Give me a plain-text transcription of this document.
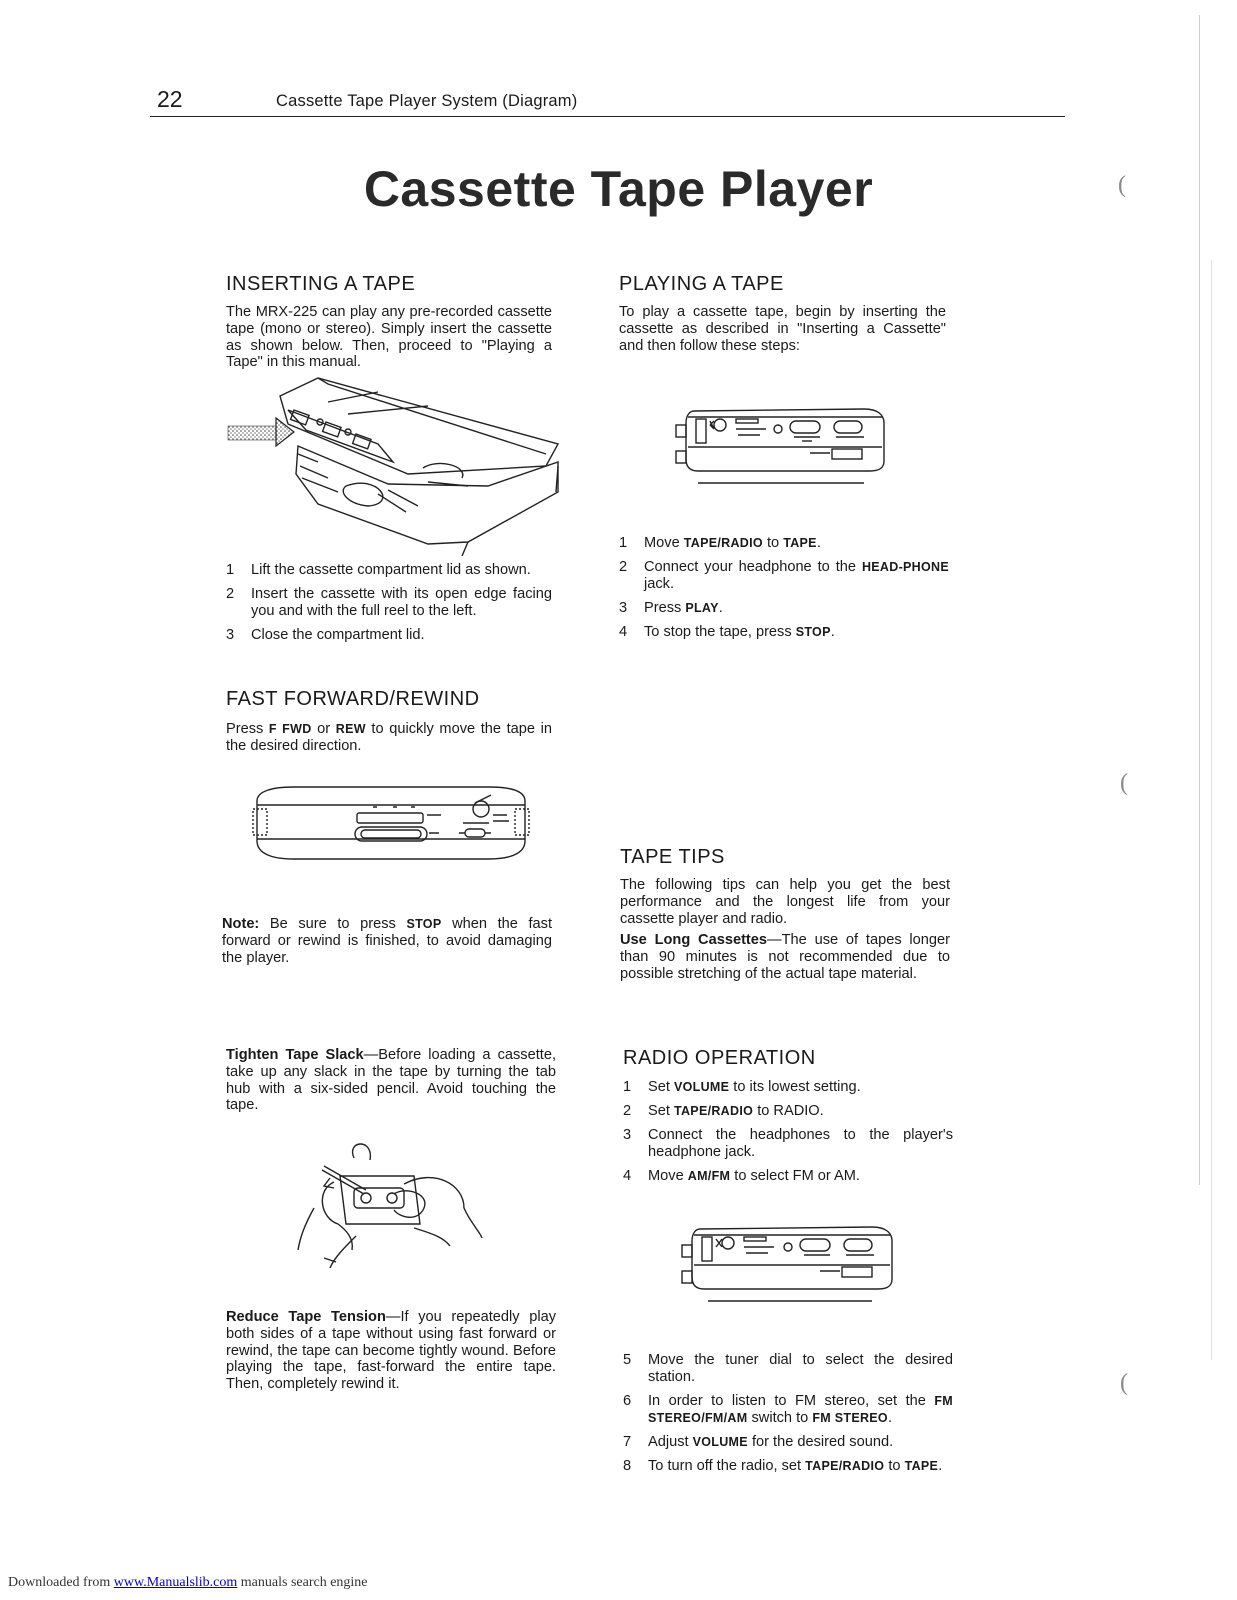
22	Cassette Tape Player System (Diagram)
Cassette Tape Player	(
(
(
INSERTING A TAPE
The MRX-225 can play any pre-recorded cassette tape (mono or stereo). Simply insert the cassette as shown below. Then, proceed to "Playing a Tape" in this manual.
1 Lift the cassette compartment lid as shown.
2 Insert the cassette with its open edge facing you and with the full reel to the left.
3 Close the compartment lid.
FAST FORWARD/REWIND
Press F FWD or REW to quickly move the tape in the desired direction.
Note: Be sure to press STOP when the fast forward or rewind is finished, to avoid damaging the player.
Tighten Tape Slack—Before loading a cassette, take up any slack in the tape by turning the tab hub with a six-sided pencil. Avoid touching the tape.
Reduce Tape Tension—If you repeatedly play both sides of a tape without using fast forward or rewind, the tape can become tightly wound. Before playing the tape, fast-forward the entire tape. Then, completely rewind it.
PLAYING A TAPE
To play a cassette tape, begin by inserting the cassette as described in "Inserting a Cassette" and then follow these steps:
1 Move TAPE/RADIO to TAPE.
2 Connect your headphone to the HEAD-PHONE jack.
3 Press PLAY.
4 To stop the tape, press STOP.
TAPE TIPS
The following tips can help you get the best performance and the longest life from your cassette player and radio.
Use Long Cassettes—The use of tapes longer than 90 minutes is not recommended due to possible stretching of the actual tape material.
RADIO OPERATION
1 Set VOLUME to its lowest setting.
2 Set TAPE/RADIO to RADIO.
3 Connect the headphones to the player's headphone jack.
4 Move AM/FM to select FM or AM.
5 Move the tuner dial to select the desired station.
6 In order to listen to FM stereo, set the FM STEREO/FM/AM switch to FM STEREO.
7 Adjust VOLUME for the desired sound.
8 To turn off the radio, set TAPE/RADIO to TAPE.
Downloaded from www.Manualslib.com manuals search engine
